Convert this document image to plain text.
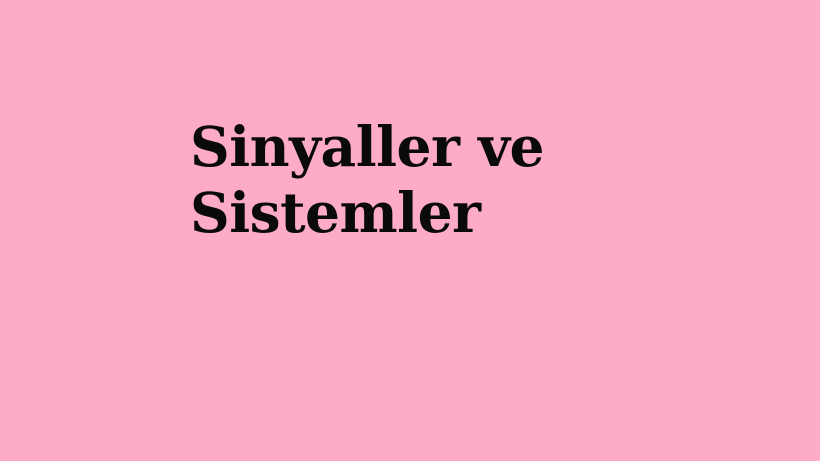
Sinyaller ve
Sistemler
